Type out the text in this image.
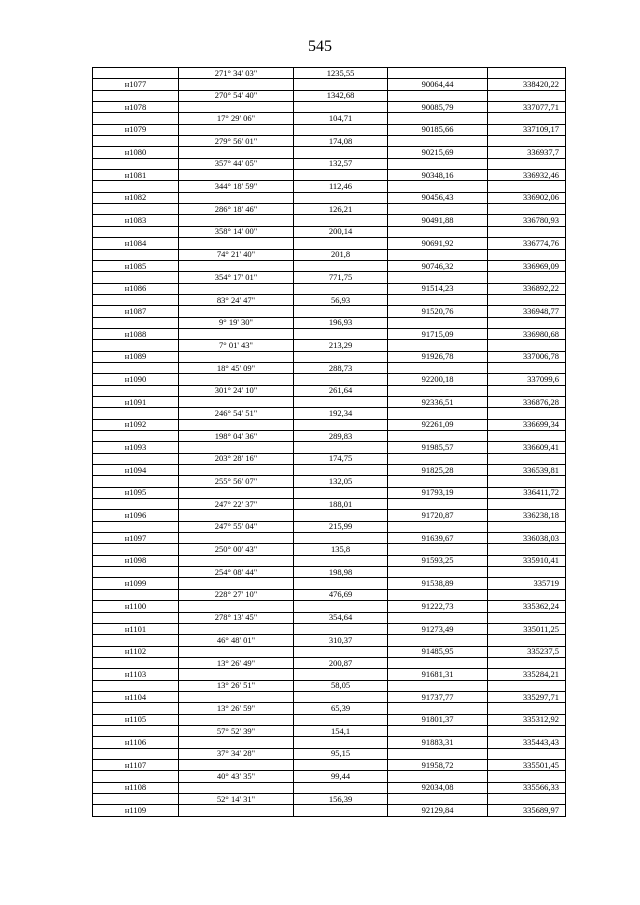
545
	271° 34' 03"	1235,55		
н1077			90064,44	338420,22
	270° 54' 40"	1342,68		
н1078			90085,79	337077,71
	17° 29' 06"	104,71		
н1079			90185,66	337109,17
	279° 56' 01"	174,08		
н1080			90215,69	336937,7
	357° 44' 05"	132,57		
н1081			90348,16	336932,46
	344° 18' 59"	112,46		
н1082			90456,43	336902,06
	286° 18' 46"	126,21		
н1083			90491,88	336780,93
	358° 14' 00"	200,14		
н1084			90691,92	336774,76
	74° 21' 40"	201,8		
н1085			90746,32	336969,09
	354° 17' 01"	771,75		
н1086			91514,23	336892,22
	83° 24' 47"	56,93		
н1087			91520,76	336948,77
	9° 19' 30"	196,93		
н1088			91715,09	336980,68
	7° 01' 43"	213,29		
н1089			91926,78	337006,78
	18° 45' 09"	288,73		
н1090			92200,18	337099,6
	301° 24' 10"	261,64		
н1091			92336,51	336876,28
	246° 54' 51"	192,34		
н1092			92261,09	336699,34
	198° 04' 36"	289,83		
н1093			91985,57	336609,41
	203° 28' 16"	174,75		
н1094			91825,28	336539,81
	255° 56' 07"	132,05		
н1095			91793,19	336411,72
	247° 22' 37"	188,01		
н1096			91720,87	336238,18
	247° 55' 04"	215,99		
н1097			91639,67	336038,03
	250° 00' 43"	135,8		
н1098			91593,25	335910,41
	254° 08' 44"	198,98		
н1099			91538,89	335719
	228° 27' 10"	476,69		
н1100			91222,73	335362,24
	278° 13' 45"	354,64		
н1101			91273,49	335011,25
	46° 48' 01"	310,37		
н1102			91485,95	335237,5
	13° 26' 49"	200,87		
н1103			91681,31	335284,21
	13° 26' 51"	58,05		
н1104			91737,77	335297,71
	13° 26' 59"	65,39		
н1105			91801,37	335312,92
	57° 52' 39"	154,1		
н1106			91883,31	335443,43
	37° 34' 28"	95,15		
н1107			91958,72	335501,45
	40° 43' 35"	99,44		
н1108			92034,08	335566,33
	52° 14' 31"	156,39		
н1109			92129,84	335689,97
